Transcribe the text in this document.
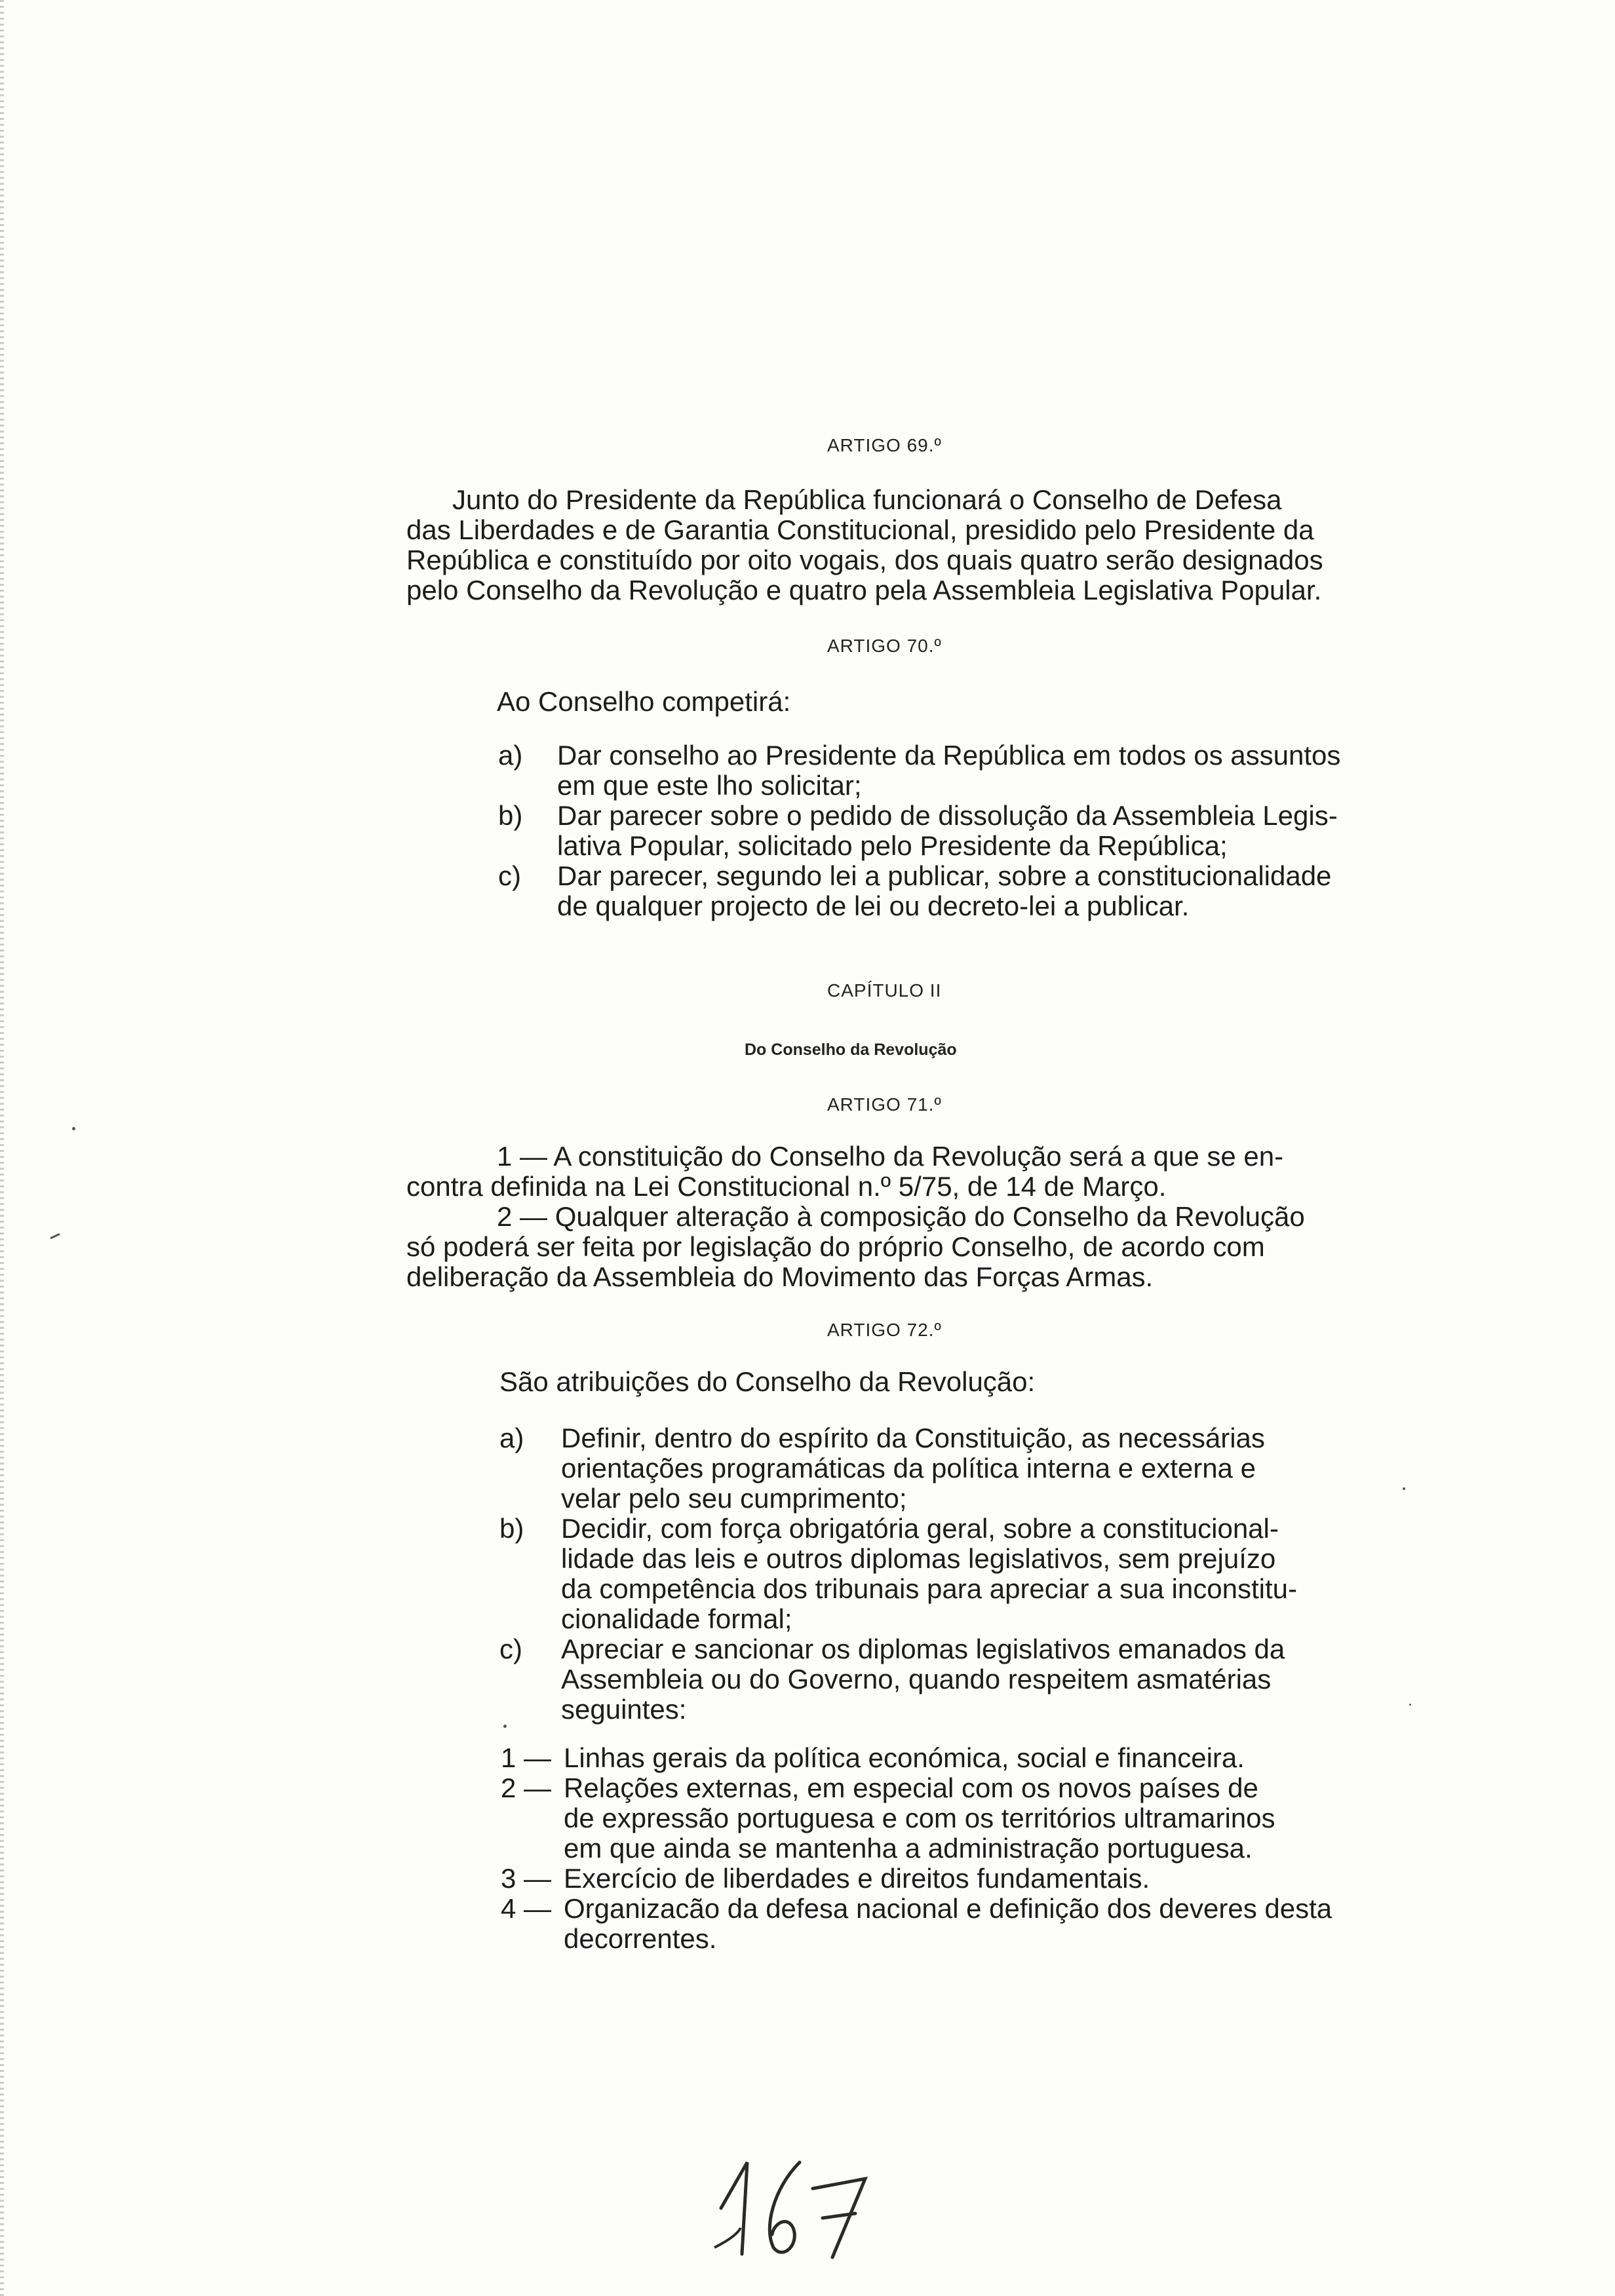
ARTIGO 69.º
Junto do Presidente da República funcionará o Conselho de Defesa
das Liberdades e de Garantia Constitucional, presidido pelo Presidente da
República e constituído por oito vogais, dos quais quatro serão designados
pelo Conselho da Revolução e quatro pela Assembleia Legislativa Popular.
ARTIGO 70.º
Ao Conselho competirá:
a) Dar conselho ao Presidente da República em todos os assuntos
em que este lho solicitar;
b) Dar parecer sobre o pedido de dissolução da Assembleia Legis-
lativa Popular, solicitado pelo Presidente da República;
c) Dar parecer, segundo lei a publicar, sobre a constitucionalidade
de qualquer projecto de lei ou decreto-lei a publicar.
CAPÍTULO II
Do Conselho da Revolução
ARTIGO 71.º
1 — A constituição do Conselho da Revolução será a que se en-
contra definida na Lei Constitucional n.º 5/75, de 14 de Março.
2 — Qualquer alteração à composição do Conselho da Revolução
só poderá ser feita por legislação do próprio Conselho, de acordo com
deliberação da Assembleia do Movimento das Forças Armas.
ARTIGO 72.º
São atribuições do Conselho da Revolução:
a) Definir, dentro do espírito da Constituição, as necessárias
orientações programáticas da política interna e externa e
velar pelo seu cumprimento;
b) Decidir, com força obrigatória geral, sobre a constitucional-
lidade das leis e outros diplomas legislativos, sem prejuízo
da competência dos tribunais para apreciar a sua inconstitu-
cionalidade formal;
c) Apreciar e sancionar os diplomas legislativos emanados da
Assembleia ou do Governo, quando respeitem asmatérias
seguintes:
1 — Linhas gerais da política económica, social e financeira.
2 — Relações externas, em especial com os novos países de
de expressão portuguesa e com os territórios ultramarinos
em que ainda se mantenha a administração portuguesa.
3 — Exercício de liberdades e direitos fundamentais.
4 — Organizacão da defesa nacional e definição dos deveres desta
decorrentes.
